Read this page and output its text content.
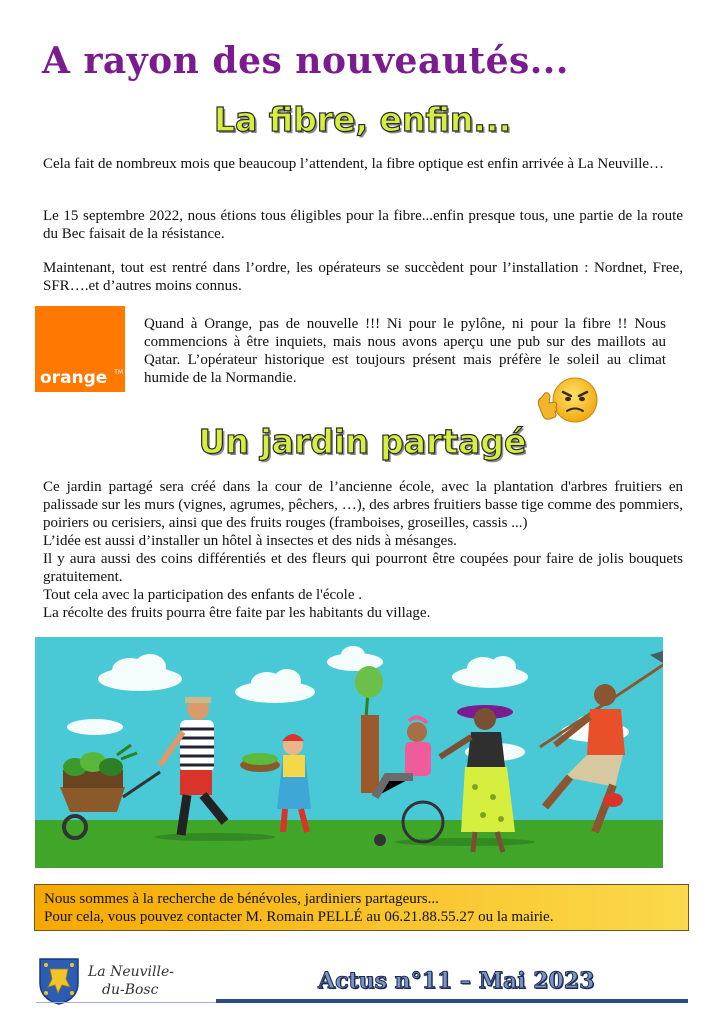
A rayon des nouveautés...
La fibre, enfin...
Cela fait de nombreux mois que beaucoup l’attendent, la fibre optique est enfin arrivée à La Neuville…
Le 15 septembre 2022, nous étions tous éligibles pour la fibre...enfin presque tous, une partie de la route du Bec faisait de la résistance.
Maintenant, tout est rentré dans l’ordre, les opérateurs se succèdent pour l’installation : Nordnet, Free, SFR….et d’autres moins connus.
orange TM
Quand à Orange, pas de nouvelle !!! Ni pour le pylône, ni pour la fibre !! Nous commencions à être inquiets, mais nous avons aperçu une pub sur des maillots au Qatar. L’opérateur historique est toujours présent mais préfère le soleil au climat humide de la Normandie.
Un jardin partagé
Ce jardin partagé sera créé dans la cour de l’ancienne école, avec la plantation d'arbres fruitiers en palissade sur les murs (vignes, agrumes, pêchers, …), des arbres fruitiers basse tige comme des pommiers, poiriers ou cerisiers, ainsi que des fruits rouges (framboises, groseilles, cassis ...)
L’idée est aussi d’installer un hôtel à insectes et des nids à mésanges.
Il y aura aussi des coins différentiés et des fleurs qui pourront être coupées pour faire de jolis bouquets gratuitement.
Tout cela avec la participation des enfants de l'école .
La récolte des fruits pourra être faite par les habitants du village.
Nous sommes à la recherche de bénévoles, jardiniers partageurs...
Pour cela, vous pouvez contacter M. Romain PELLÉ au 06.21.88.55.27 ou la mairie.
La Neuville-
du-Bosc	Actus n°11 – Mai 2023
